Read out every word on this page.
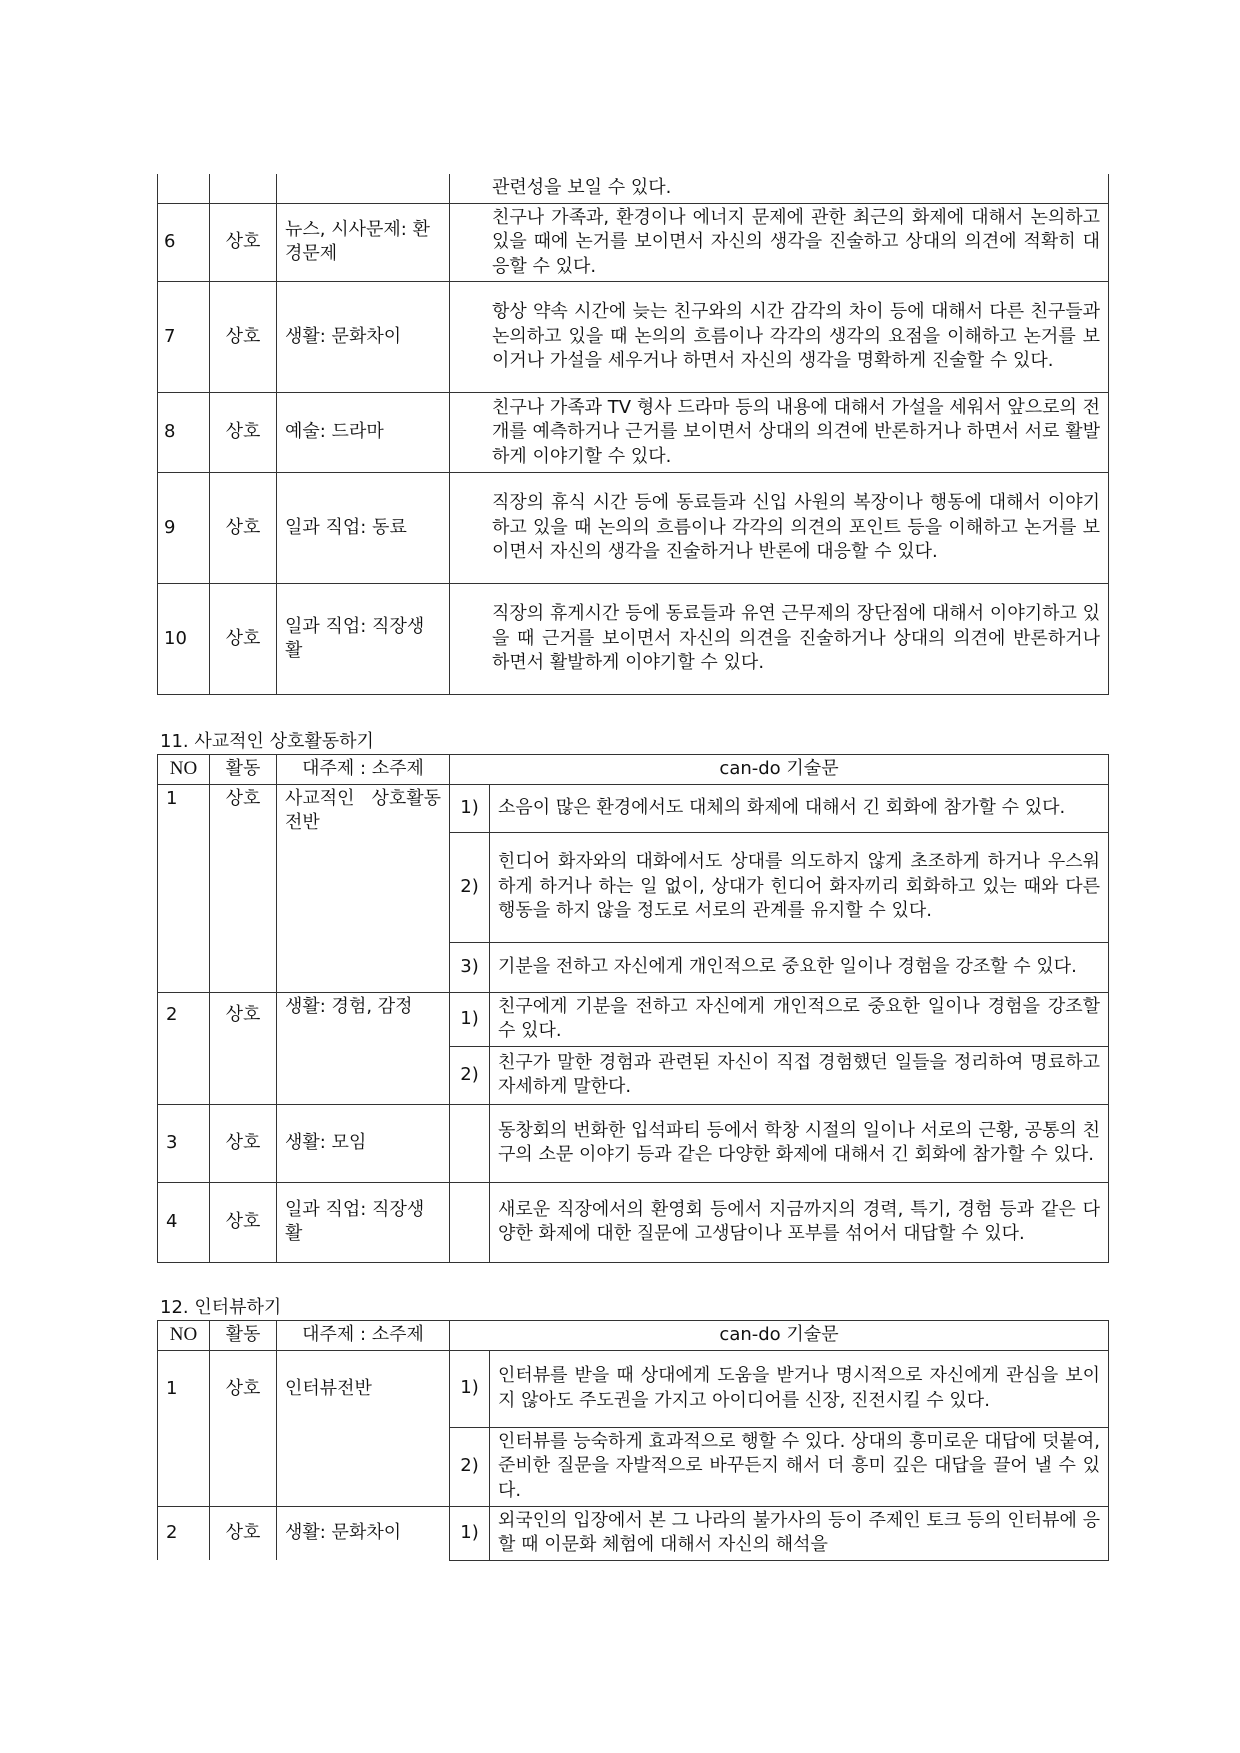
			관련성을 보일 수 있다.
6	상호	뉴스, 시사문제: 환경문제	친구나 가족과, 환경이나 에너지 문제에 관한 최근의 화제에 대해서 논의하고 있을 때에 논거를 보이면서 자신의 생각을 진술하고 상대의 의견에 적확히 대응할 수 있다.
7	상호	생활: 문화차이	항상 약속 시간에 늦는 친구와의 시간 감각의 차이 등에 대해서 다른 친구들과 논의하고 있을 때 논의의 흐름이나 각각의 생각의 요점을 이해하고 논거를 보이거나 가설을 세우거나 하면서 자신의 생각을 명확하게 진술할 수 있다.
8	상호	예술: 드라마	친구나 가족과 TV 형사 드라마 등의 내용에 대해서 가설을 세워서 앞으로의 전개를 예측하거나 근거를 보이면서 상대의 의견에 반론하거나 하면서 서로 활발하게 이야기할 수 있다.
9	상호	일과 직업: 동료	직장의 휴식 시간 등에 동료들과 신입 사원의 복장이나 행동에 대해서 이야기하고 있을 때 논의의 흐름이나 각각의 의견의 포인트 등을 이해하고 논거를 보이면서 자신의 생각을 진술하거나 반론에 대응할 수 있다.
10	상호	일과 직업: 직장생활	직장의 휴게시간 등에 동료들과 유연 근무제의 장단점에 대해서 이야기하고 있을 때 근거를 보이면서 자신의 의견을 진술하거나 상대의 의견에 반론하거나 하면서 활발하게 이야기할 수 있다.
11. 사교적인 상호활동하기
NO	활동	대주제 : 소주제	can-do 기술문	
1	상호	사교적인 상호활동전반	1)	소음이 많은 환경에서도 대체의 화제에 대해서 긴 회화에 참가할 수 있다.
			2)	힌디어 화자와의 대화에서도 상대를 의도하지 않게 초조하게 하거나 우스워 하게 하거나 하는 일 없이, 상대가 힌디어 화자끼리 회화하고 있는 때와 다른 행동을 하지 않을 정도로 서로의 관계를 유지할 수 있다.
			3)	기분을 전하고 자신에게 개인적으로 중요한 일이나 경험을 강조할 수 있다.
2	상호	생활: 경험, 감정	1)	친구에게 기분을 전하고 자신에게 개인적으로 중요한 일이나 경험을 강조할 수 있다.
			2)	친구가 말한 경험과 관련된 자신이 직접 경험했던 일들을 정리하여 명료하고 자세하게 말한다.
3	상호	생활: 모임		동창회의 번화한 입석파티 등에서 학창 시절의 일이나 서로의 근황, 공통의 친구의 소문 이야기 등과 같은 다양한 화제에 대해서 긴 회화에 참가할 수 있다.
4	상호	일과 직업: 직장생활		새로운 직장에서의 환영회 등에서 지금까지의 경력, 특기, 경험 등과 같은 다양한 화제에 대한 질문에 고생담이나 포부를 섞어서 대답할 수 있다.
12. 인터뷰하기
NO	활동	대주제 : 소주제	can-do 기술문	
1	상호	인터뷰전반	1)	인터뷰를 받을 때 상대에게 도움을 받거나 명시적으로 자신에게 관심을 보이지 않아도 주도권을 가지고 아이디어를 신장, 진전시킬 수 있다.
			2)	인터뷰를 능숙하게 효과적으로 행할 수 있다. 상대의 흥미로운 대답에 덧붙여, 준비한 질문을 자발적으로 바꾸든지 해서 더 흥미 깊은 대답을 끌어 낼 수 있다.
2	상호	생활: 문화차이	1)	외국인의 입장에서 본 그 나라의 불가사의 등이 주제인 토크 등의 인터뷰에 응할 때 이문화 체험에 대해서 자신의 해석을
